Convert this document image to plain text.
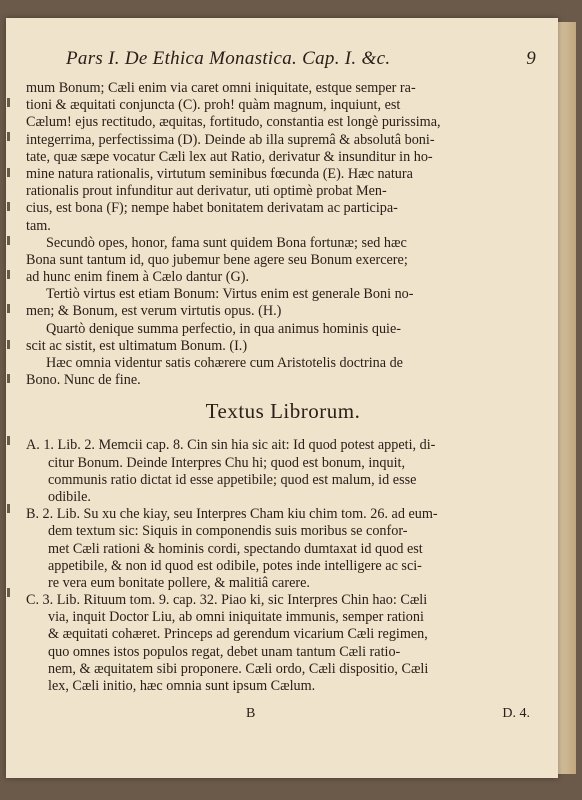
Pars I. De Ethica Monastica. Cap. I. &c.	9
mum Bonum; Cæli enim via caret omni iniquitate, estque semper ra-
tioni & æquitati conjuncta (C). proh! quàm magnum, inquiunt, est
Cælum! ejus rectitudo, æquitas, fortitudo, constantia est longè purissima,
integerrima, perfectissima (D). Deinde ab illa supremâ & absolutâ boni-
tate, quæ sæpe vocatur Cæli lex aut Ratio, derivatur & insunditur in ho-
mine natura rationalis, virtutum seminibus fœcunda (E). Hæc natura
rationalis prout infunditur aut derivatur, uti optimè probat Men-
cius, est bona (F); nempe habet bonitatem derivatam ac participa-
tam.
Secundò opes, honor, fama sunt quidem Bona fortunæ; sed hæc
Bona sunt tantum id, quo jubemur bene agere seu Bonum exercere;
ad hunc enim finem à Cælo dantur (G).
Tertiò virtus est etiam Bonum: Virtus enim est generale Boni no-
men; & Bonum, est verum virtutis opus. (H.)
Quartò denique summa perfectio, in qua animus hominis quie-
scit ac sistit, est ultimatum Bonum. (I.)
Hæc omnia videntur satis cohærere cum Aristotelis doctrina de
Bono. Nunc de fine.
Textus Librorum.
A. 1. Lib. 2. Memcii cap. 8. Cin sin hia sic ait: Id quod potest appeti, di-
citur Bonum. Deinde Interpres Chu hi; quod est bonum, inquit,
communis ratio dictat id esse appetibile; quod est malum, id esse
odibile.
B. 2. Lib. Su xu che kiay, seu Interpres Cham kiu chim tom. 26. ad eum-
dem textum sic: Siquis in componendis suis moribus se confor-
met Cæli rationi & hominis cordi, spectando dumtaxat id quod est
appetibile, & non id quod est odibile, potes inde intelligere ac sci-
re vera eum bonitate pollere, & malitiâ carere.
C. 3. Lib. Rituum tom. 9. cap. 32. Piao ki, sic Interpres Chin hao: Cæli
via, inquit Doctor Liu, ab omni iniquitate immunis, semper rationi
& æquitati cohæret. Princeps ad gerendum vicarium Cæli regimen,
quo omnes istos populos regat, debet unam tantum Cæli ratio-
nem, & æquitatem sibi proponere. Cæli ordo, Cæli dispositio, Cæli
lex, Cæli initio, hæc omnia sunt ipsum Cælum.
B	D. 4.
